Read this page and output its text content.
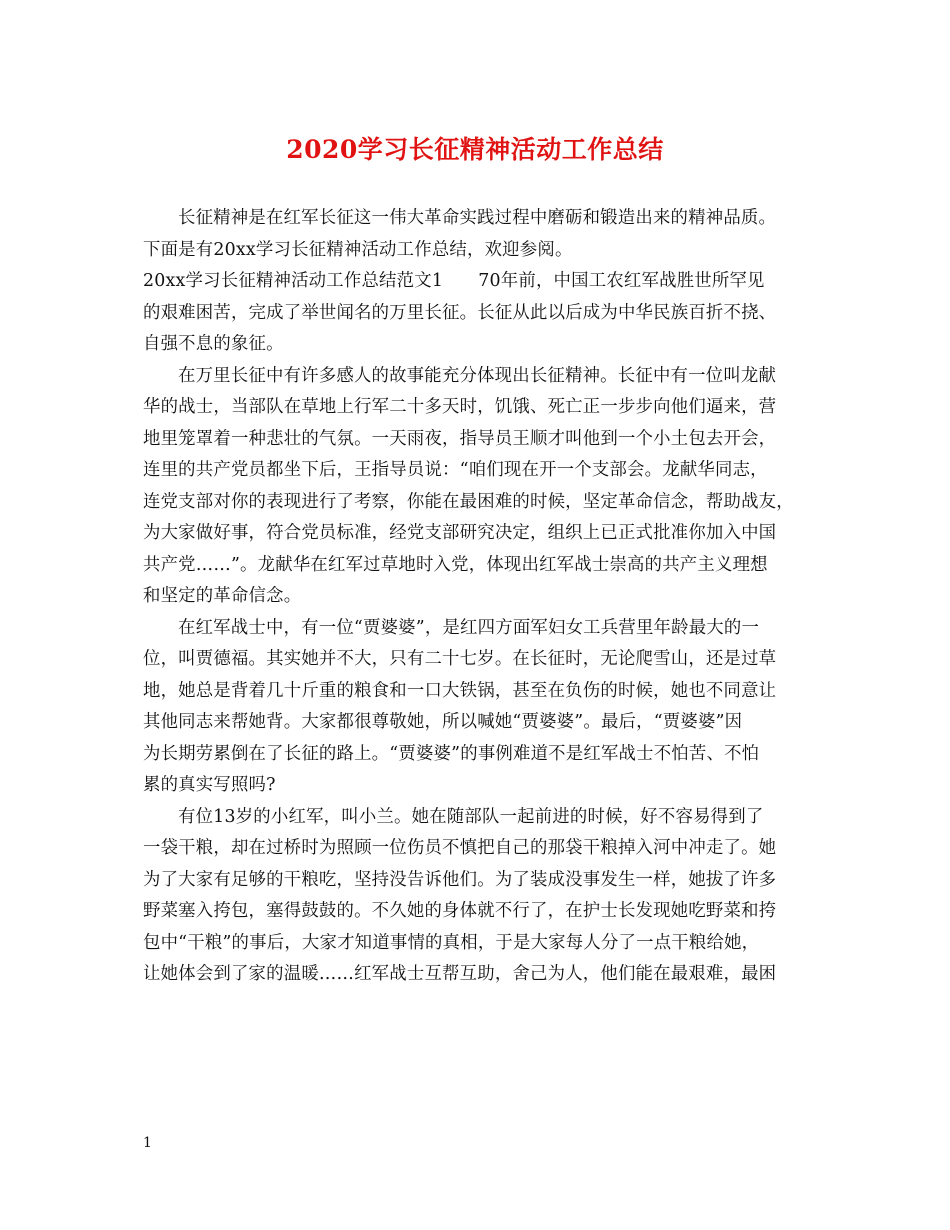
2020学习长征精神活动工作总结
长征精神是在红军长征这一伟大革命实践过程中磨砺和锻造出来的精神品质。
下面是有20xx学习长征精神活动工作总结，欢迎参阅。
20xx学习长征精神活动工作总结范文1　　70年前，中国工农红军战胜世所罕见
的艰难困苦，完成了举世闻名的万里长征。长征从此以后成为中华民族百折不挠、
自强不息的象征。
在万里长征中有许多感人的故事能充分体现出长征精神。长征中有一位叫龙献
华的战士，当部队在草地上行军二十多天时，饥饿、死亡正一步步向他们逼来，营
地里笼罩着一种悲壮的气氛。一天雨夜，指导员王顺才叫他到一个小土包去开会，
连里的共产党员都坐下后，王指导员说：“咱们现在开一个支部会。龙献华同志，
连党支部对你的表现进行了考察，你能在最困难的时候，坚定革命信念，帮助战友，
为大家做好事，符合党员标准，经党支部研究决定，组织上已正式批准你加入中国
共产党……”。龙献华在红军过草地时入党，体现出红军战士崇高的共产主义理想
和坚定的革命信念。
在红军战士中，有一位“贾婆婆”，是红四方面军妇女工兵营里年龄最大的一
位，叫贾德福。其实她并不大，只有二十七岁。在长征时，无论爬雪山，还是过草
地，她总是背着几十斤重的粮食和一口大铁锅，甚至在负伤的时候，她也不同意让
其他同志来帮她背。大家都很尊敬她，所以喊她“贾婆婆”。最后，“贾婆婆”因
为长期劳累倒在了长征的路上。“贾婆婆”的事例难道不是红军战士不怕苦、不怕
累的真实写照吗?
有位13岁的小红军，叫小兰。她在随部队一起前进的时候，好不容易得到了
一袋干粮，却在过桥时为照顾一位伤员不慎把自己的那袋干粮掉入河中冲走了。她
为了大家有足够的干粮吃，坚持没告诉他们。为了装成没事发生一样，她拔了许多
野菜塞入挎包，塞得鼓鼓的。不久她的身体就不行了，在护士长发现她吃野菜和挎
包中“干粮”的事后，大家才知道事情的真相，于是大家每人分了一点干粮给她，
让她体会到了家的温暖……红军战士互帮互助，舍己为人，他们能在最艰难，最困
1
